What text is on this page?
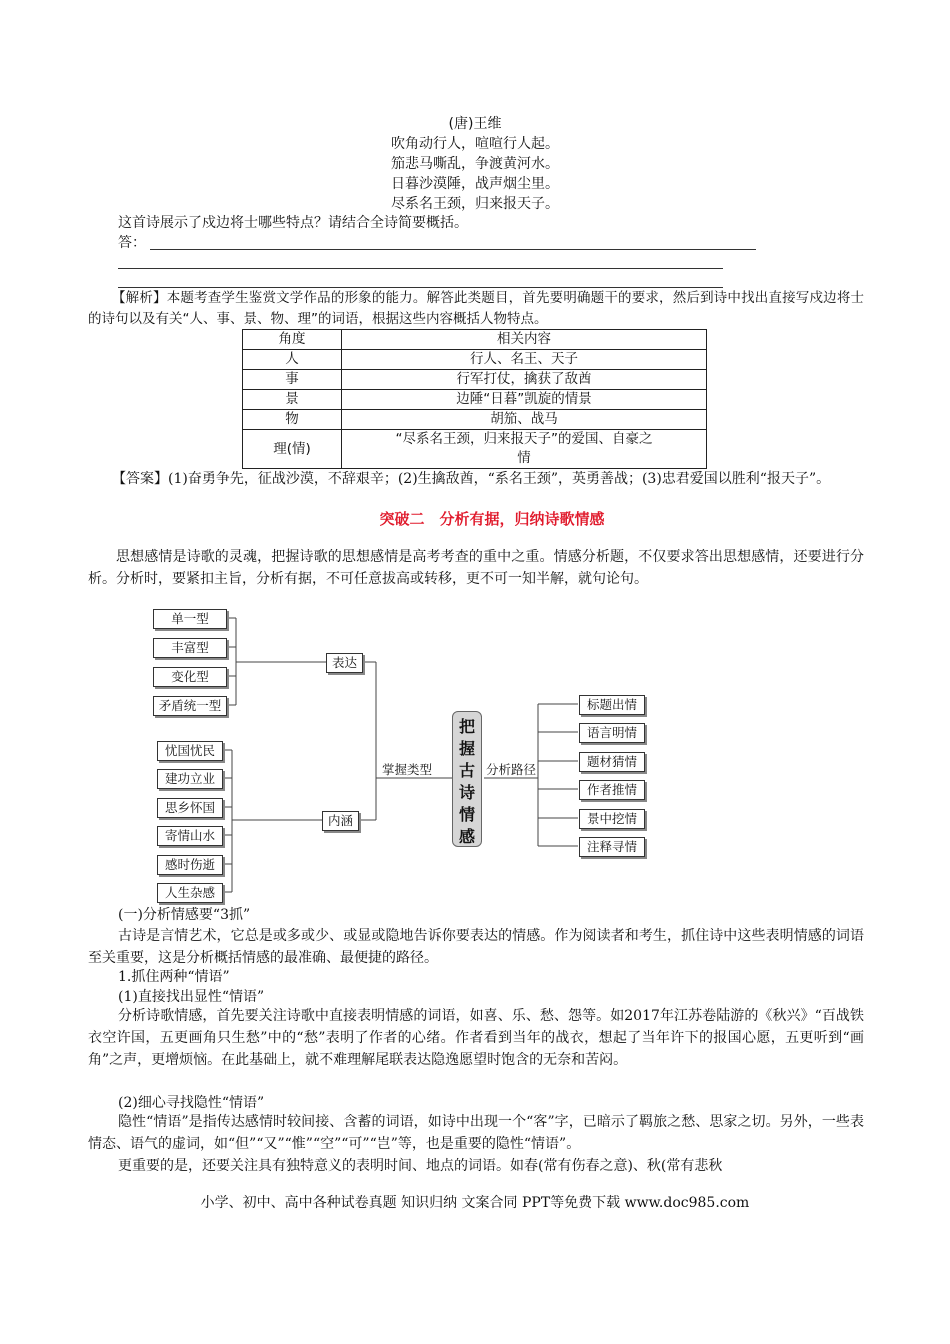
(唐)王维
吹角动行人，喧喧行人起。
笳悲马嘶乱，争渡黄河水。
日暮沙漠陲，战声烟尘里。
尽系名王颈，归来报天子。
这首诗展示了戍边将士哪些特点？请结合全诗简要概括。
答：
【解析】本题考查学生鉴赏文学作品的形象的能力。解答此类题目，首先要明确题干的要求，然后到诗中找出直接写戍边将士的诗句以及有关“人、事、景、物、理”的词语，根据这些内容概括人物特点。
角度	相关内容
人	行人、名王、天子
事	行军打仗，擒获了敌酋
景	边陲“日暮”凯旋的情景
物	胡笳、战马
理(情)	“尽系名王颈，归来报天子”的爱国、自豪之情
【答案】(1)奋勇争先，征战沙漠，不辞艰辛；(2)生擒敌酋，“系名王颈”，英勇善战；(3)忠君爱国以胜利“报天子”。
突破二　分析有据，归纳诗歌情感
思想感情是诗歌的灵魂，把握诗歌的思想感情是高考考查的重中之重。情感分析题，不仅要求答出思想感情，还要进行分析。分析时，要紧扣主旨，分析有据，不可任意拔高或转移，更不可一知半解，就句论句。
单一型
丰富型
变化型
矛盾统一型
表达
忧国忧民
建功立业
思乡怀国
寄情山水
感时伤逝
人生杂感
内涵
掌握类型	分析路径
把握古诗情感
标题出情
语言明情
题材猜情
作者推情
景中挖情
注释寻情
(一)分析情感要“3抓”
古诗是言情艺术，它总是或多或少、或显或隐地告诉你要表达的情感。作为阅读者和考生，抓住诗中这些表明情感的词语至关重要，这是分析概括情感的最准确、最便捷的路径。
1.抓住两种“情语”
(1)直接找出显性“情语”
分析诗歌情感，首先要关注诗歌中直接表明情感的词语，如喜、乐、愁、怨等。如2017年江苏卷陆游的《秋兴》“百战铁衣空许国，五更画角只生愁”中的“愁”表明了作者的心绪。作者看到当年的战衣，想起了当年许下的报国心愿，五更听到“画角”之声，更增烦恼。在此基础上，就不难理解尾联表达隐逸愿望时饱含的无奈和苦闷。
(2)细心寻找隐性“情语”
隐性“情语”是指传达感情时较间接、含蓄的词语，如诗中出现一个“客”字，已暗示了羁旅之愁、思家之切。另外，一些表情态、语气的虚词，如“但”“又”“惟”“空”“可”“岂”等，也是重要的隐性“情语”。
更重要的是，还要关注具有独特意义的表明时间、地点的词语。如春(常有伤春之意)、秋(常有悲秋
小学、初中、高中各种试卷真题 知识归纳 文案合同 PPT等免费下载 www.doc985.com
